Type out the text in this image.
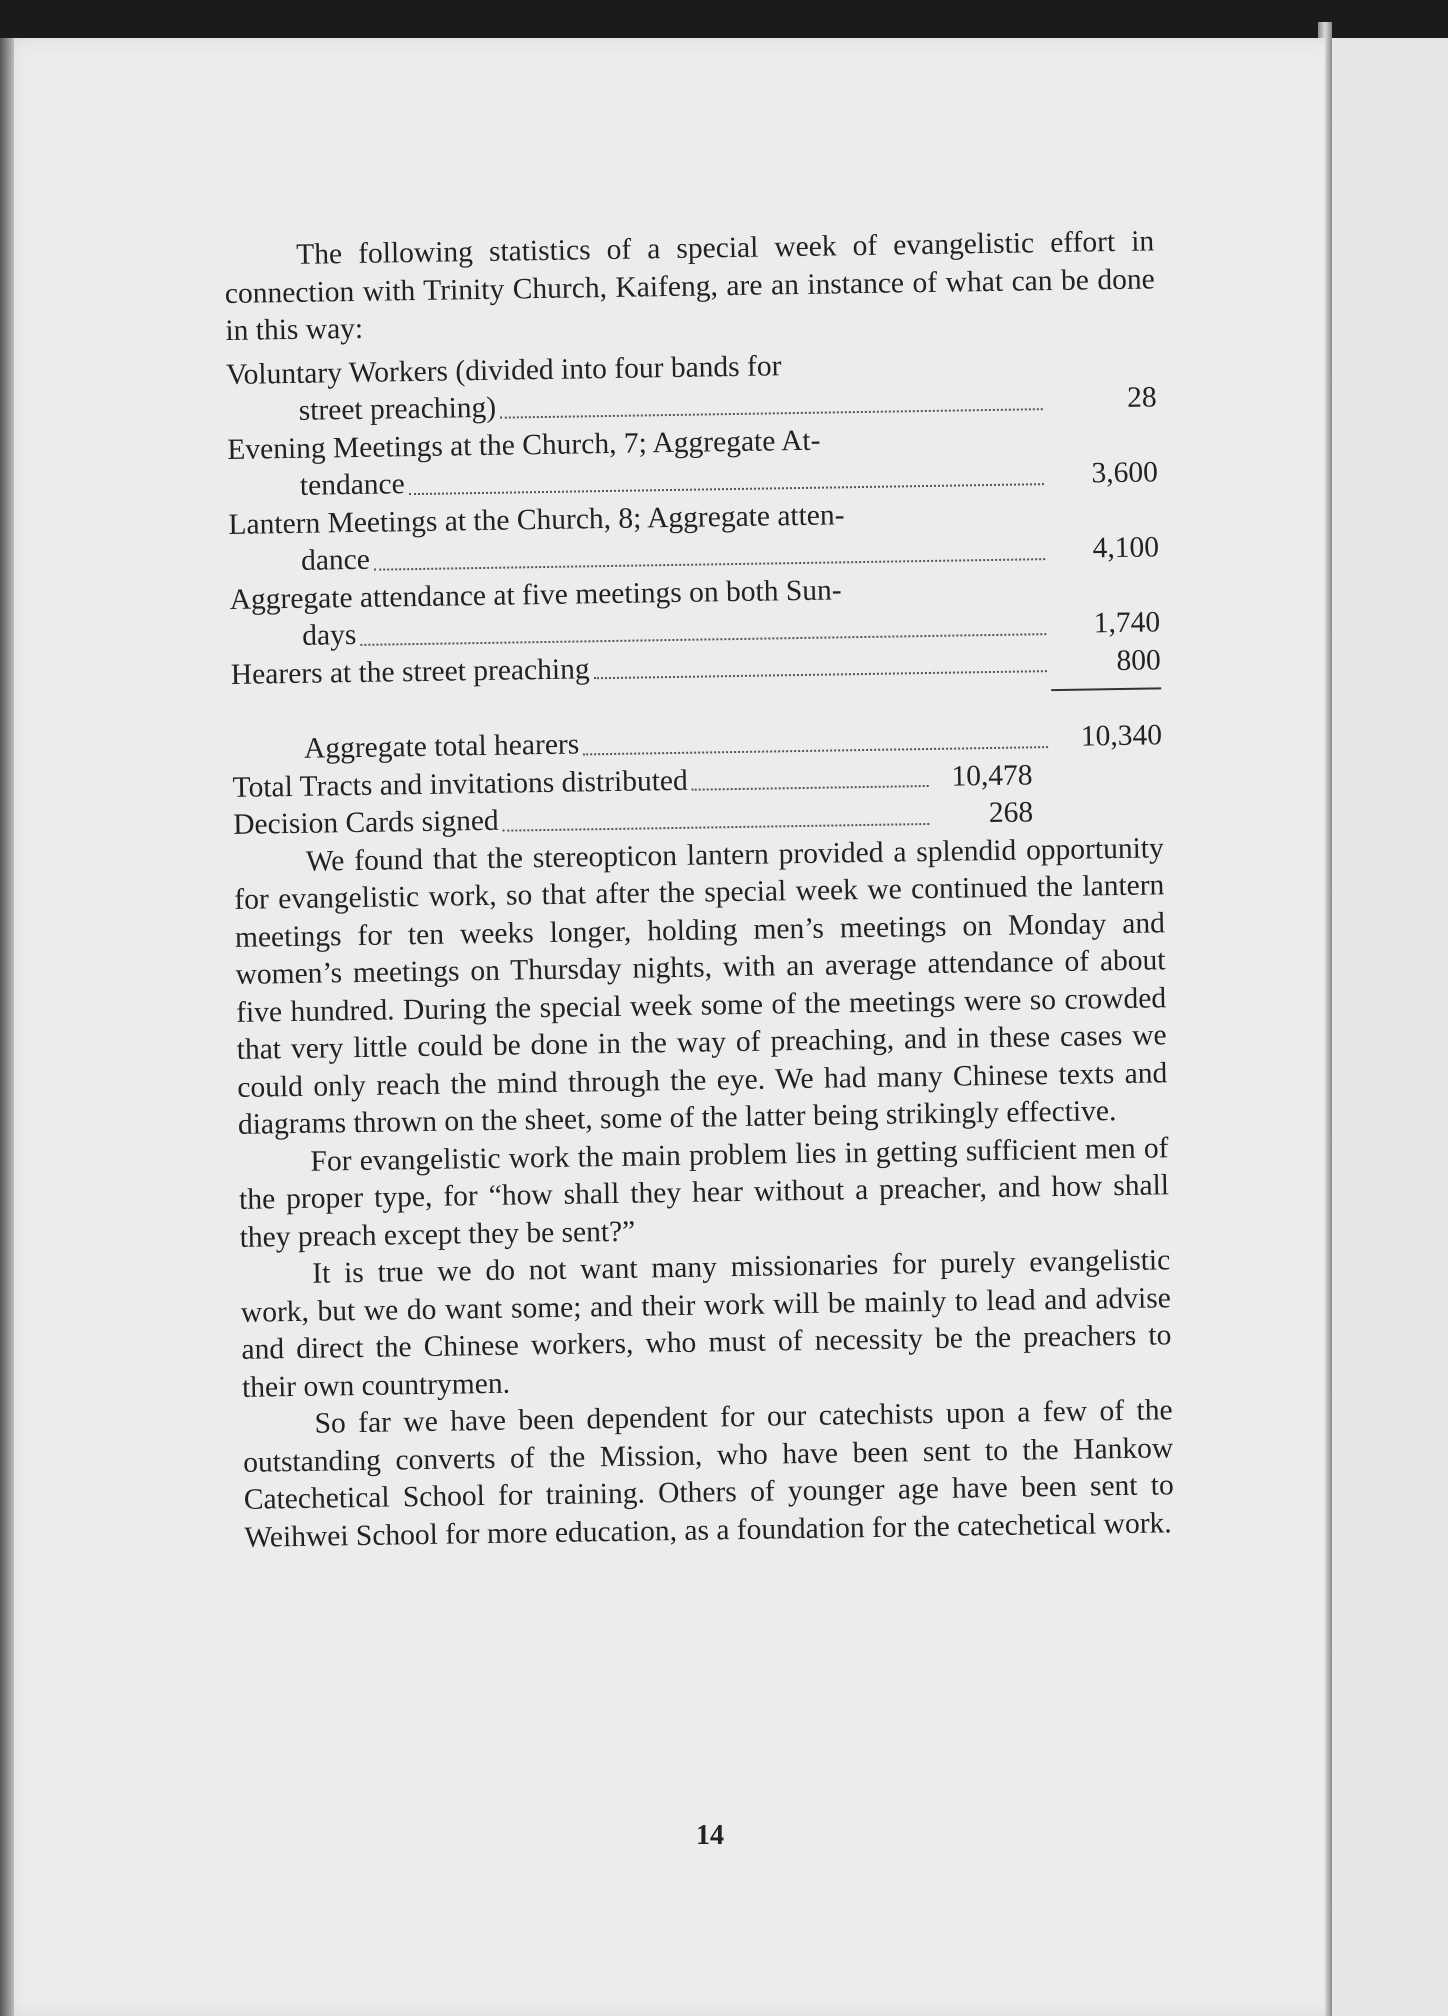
The following statistics of a special week of evangelistic effort in connection with Trinity Church, Kaifeng, are an instance of what can be done in this way:

Voluntary Workers (divided into four bands for
street preaching)	28
Evening Meetings at the Church, 7; Aggregate At-
tendance	3,600
Lantern Meetings at the Church, 8; Aggregate atten-
dance	4,100
Aggregate attendance at five meetings on both Sun-
days	1,740
Hearers at the street preaching	800
Aggregate total hearers	10,340
Total Tracts and invitations distributed	10,478
Decision Cards signed	268

We found that the stereopticon lantern provided a splendid opportunity for evangelistic work, so that after the special week we continued the lantern meetings for ten weeks longer, holding men’s meetings on Monday and women’s meetings on Thursday nights, with an average attendance of about five hundred. During the special week some of the meetings were so crowded that very little could be done in the way of preaching, and in these cases we could only reach the mind through the eye. We had many Chinese texts and diagrams thrown on the sheet, some of the latter being strikingly effective.

For evangelistic work the main problem lies in getting sufficient men of the proper type, for “how shall they hear without a preacher, and how shall they preach except they be sent?”

It is true we do not want many missionaries for purely evangelistic work, but we do want some; and their work will be mainly to lead and advise and direct the Chinese workers, who must of necessity be the preachers to their own countrymen.

So far we have been dependent for our catechists upon a few of the outstanding converts of the Mission, who have been sent to the Hankow Catechetical School for training. Others of younger age have been sent to Weihwei School for more education, as a foundation for the catechetical work.

14
